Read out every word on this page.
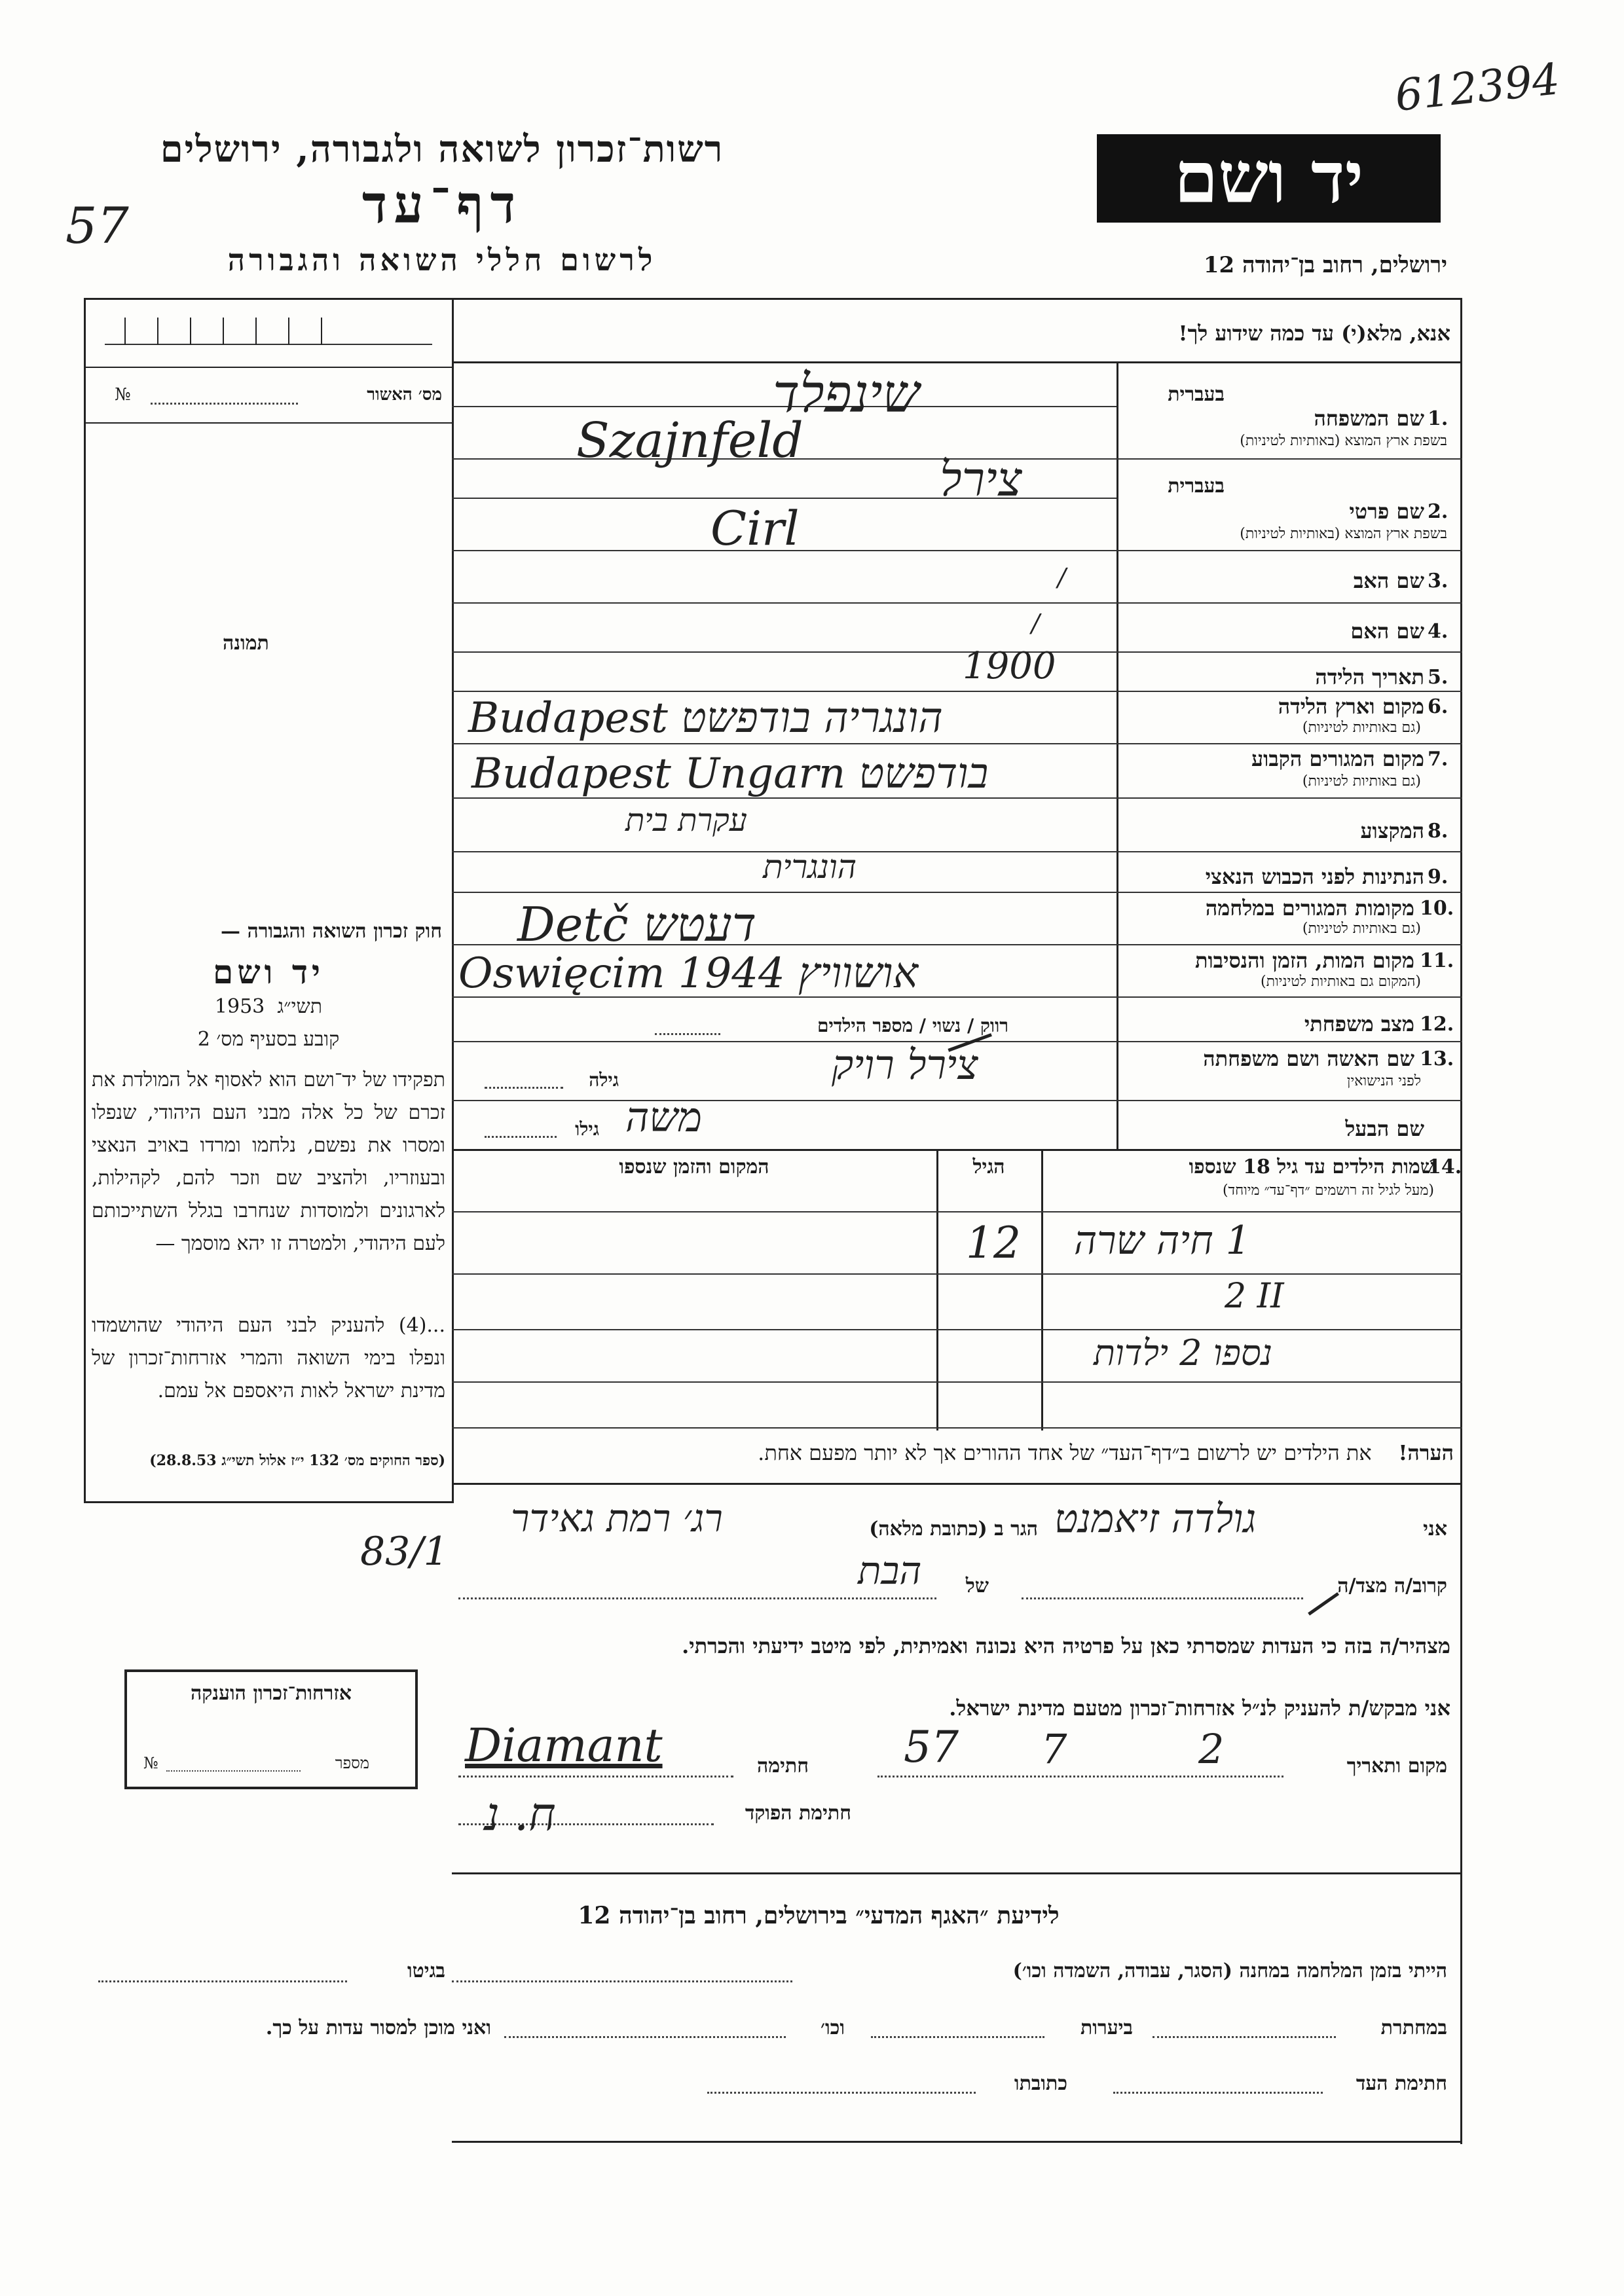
612394
57
רשות־זכרון לשואה ולגבורה, ירושלים
דף־עד
לרשום חללי השואה והגבורה
יד ושם
ירושלים, רחוב בן־יהודה 12
אנא, מלא(י) עד כמה שידוע לך!
מס׳ האשור
№
תמונה
בעברית
שם המשפחה 1.
בשפת ארץ המוצא (באותיות לטיניות)
בעברית
שם פרטי 2.
בשפת ארץ המוצא (באותיות לטיניות)
שם האב 3.
שם האם 4.
תאריך הלידה 5.
מקום וארץ הלידה 6.
(גם באותיות לטיניות)
מקום המגורים הקבוע 7.
(גם באותיות לטיניות)
המקצוע 8.
הנתינות לפני הכבוש הנאצי 9.
מקומות המגורים במלחמה 10.
(גם באותיות לטיניות)
מקום המות, הזמן והנסיבות 11.
(המקום גם באותיות לטיניות)
מצב משפחתי 12.
שם האשה ושם משפחתה 13.
לפני הנישואין
שם הבעל
שינפלד
Szajnfeld
צירל
Cirl
/
/
1900
Budapest הונגריה בודפשט
Budapest Ungarn בודפשט
עקרת בית
הונגרית
Detč דעטש
Oswięcim אושוויץ 1944
רווק / נשוי / מספר הילדים
צירל רויק
גילה
משה
גילו
שמות הילדים עד גיל 18 שנספו
14.
(מעל לגיל זה רושמים ״דף־עד״ מיוחד)
הגיל
המקום והזמן שנספו
1 חיה שרה
12
2 II
נספו 2 ילדות
חוק זכרון השואה והגבורה —
יד ושם
תשי״ג  1953
קובע בסעיף מס׳ 2
תפקידו של יד־ושם הוא לאסוף אל המולדת את זכרם של כל אלה מבני העם היהודי, שנפלו ומסרו את נפשם, נלחמו ומרדו באויב הנאצי ובעוזריו, ולהציב שם וזכר להם, לקהילות, לארגונים ולמוסדות שנחרבו בגלל השתייכותם לעם היהודי, ולמטרה זו יהא מוסמך —
...(4) להעניק לבני העם היהודי שהושמדו ונפלו בימי השואה והמרי אזרחות־זכרון של מדינת ישראל לאות היאספם אל עמם.
(ספר החוקים מס׳ 132 י״ז אלול תשי״ג 28.8.53)	הערה!    את הילדים יש לרשום ב״דף־העד״ של אחד ההורים אך לא יותר מפעם אחת.
אני
גולדה זיאמנט
הגר ב (כתובת מלאה)
רג׳ רמת גאידר
83/1
קרוב/ה מצד/ה
הבת	של
מצהיר/ה בזה כי העדות שמסרתי כאן על פרטיה היא נכונה ואמיתית, לפי מיטב ידיעתי והכרתי.
אני מבקש/ת להעניק לנ״ל אזרחות־זכרון מטעם מדינת ישראל.
מקום ותאריך
2
7
57
חתימה
Diamant
חתימת הפוקד
ח. נ
אזרחות־זכרון הוענקה
מספר
№
לידיעת ״האגף המדעי״ בירושלים, רחוב בן־יהודה 12
הייתי בזמן המלחמה במחנה (הסגר, עבודה, השמדה וכו׳)
בגיטו
במחתרת
ביערות
וכו׳
ואני מוכן למסור עדות על כך.
חתימת העד
כתובתו
